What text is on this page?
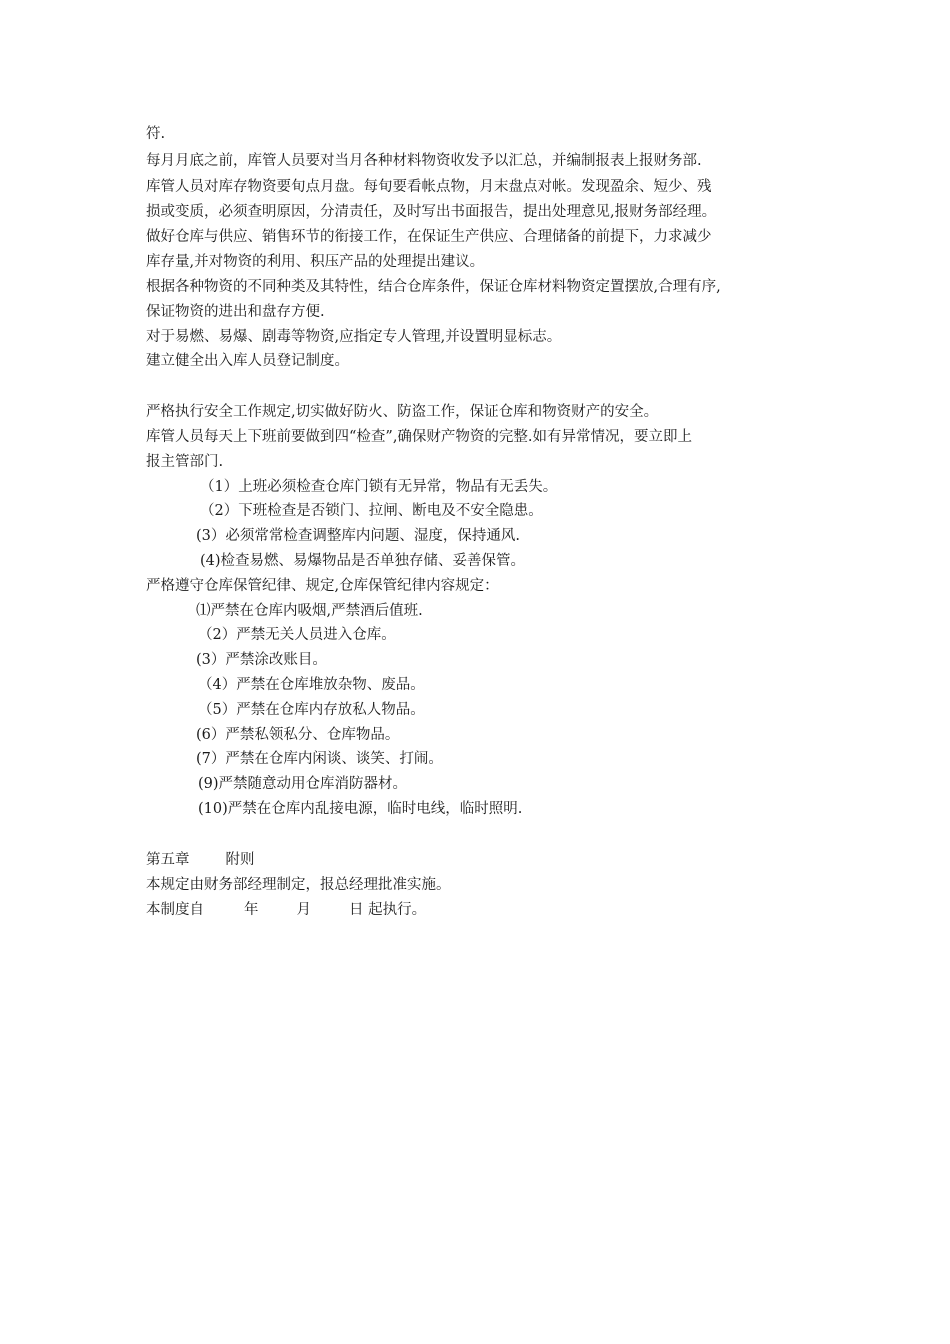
符.
每月月底之前，库管人员要对当月各种材料物资收发予以汇总，并编制报表上报财务部.
库管人员对库存物资要旬点月盘。每旬要看帐点物，月末盘点对帐。发现盈余、短少、残
损或变质，必须查明原因，分清责任，及时写出书面报告，提出处理意见,报财务部经理。
做好仓库与供应、销售环节的衔接工作，在保证生产供应、合理储备的前提下，力求减少
库存量,并对物资的利用、积压产品的处理提出建议。
根据各种物资的不同种类及其特性，结合仓库条件，保证仓库材料物资定置摆放,合理有序,
保证物资的进出和盘存方便.
对于易燃、易爆、剧毒等物资,应指定专人管理,并设置明显标志。
建立健全出入库人员登记制度。
严格执行安全工作规定,切实做好防火、防盗工作，保证仓库和物资财产的安全。
库管人员每天上下班前要做到四“检查”,确保财产物资的完整.如有异常情况，要立即上
报主管部门.
（1）上班必须检查仓库门锁有无异常，物品有无丢失。
（2）下班检查是否锁门、拉闸、断电及不安全隐患。
(3）必须常常检查调整库内问题、湿度，保持通风.
(4)检查易燃、易爆物品是否单独存储、妥善保管。
严格遵守仓库保管纪律、规定,仓库保管纪律内容规定：
⑴严禁在仓库内吸烟,严禁酒后值班.
（2）严禁无关人员进入仓库。
(3）严禁涂改账目。
（4）严禁在仓库堆放杂物、废品。
（5）严禁在仓库内存放私人物品。
(6）严禁私领私分、仓库物品。
(7）严禁在仓库内闲谈、谈笑、打闹。
(9)严禁随意动用仓库消防器材。
(10)严禁在仓库内乱接电源，临时电线，临时照明.
第五章 附则
本规定由财务部经理制定，报总经理批准实施。
本制度自	年	月	日 起执行。
